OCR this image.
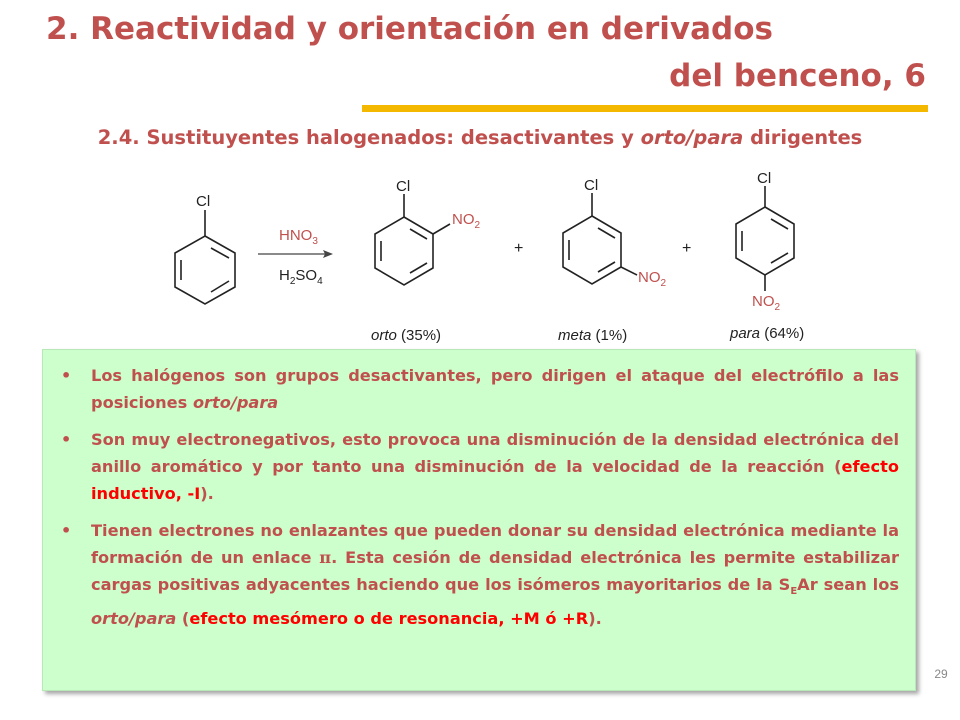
2. Reactividad y orientación en derivados
del benceno, 6
2.4. Sustituyentes halogenados: desactivantes y orto/para dirigentes
Cl
$HNO_3$
$H_2SO_4$
Cl
$NO_2$
orto (35%)
+
Cl
$NO_2$
meta (1%)
+
Cl
$NO_2$
para (64%)
• Los halógenos son grupos desactivantes, pero dirigen el ataque del electrófilo a las posiciones orto/para
• Son muy electronegativos, esto provoca una disminución de la densidad electrónica del anillo aromático y por tanto una disminución de la velocidad de la reacción (efecto inductivo, -I).
• Tienen electrones no enlazantes que pueden donar su densidad electrónica mediante la formación de un enlace π. Esta cesión de densidad electrónica les permite estabilizar cargas positivas adyacentes haciendo que los isómeros mayoritarios de la $S_EAr$ sean los orto/para (efecto mesómero o de resonancia, +M ó +R).
29
